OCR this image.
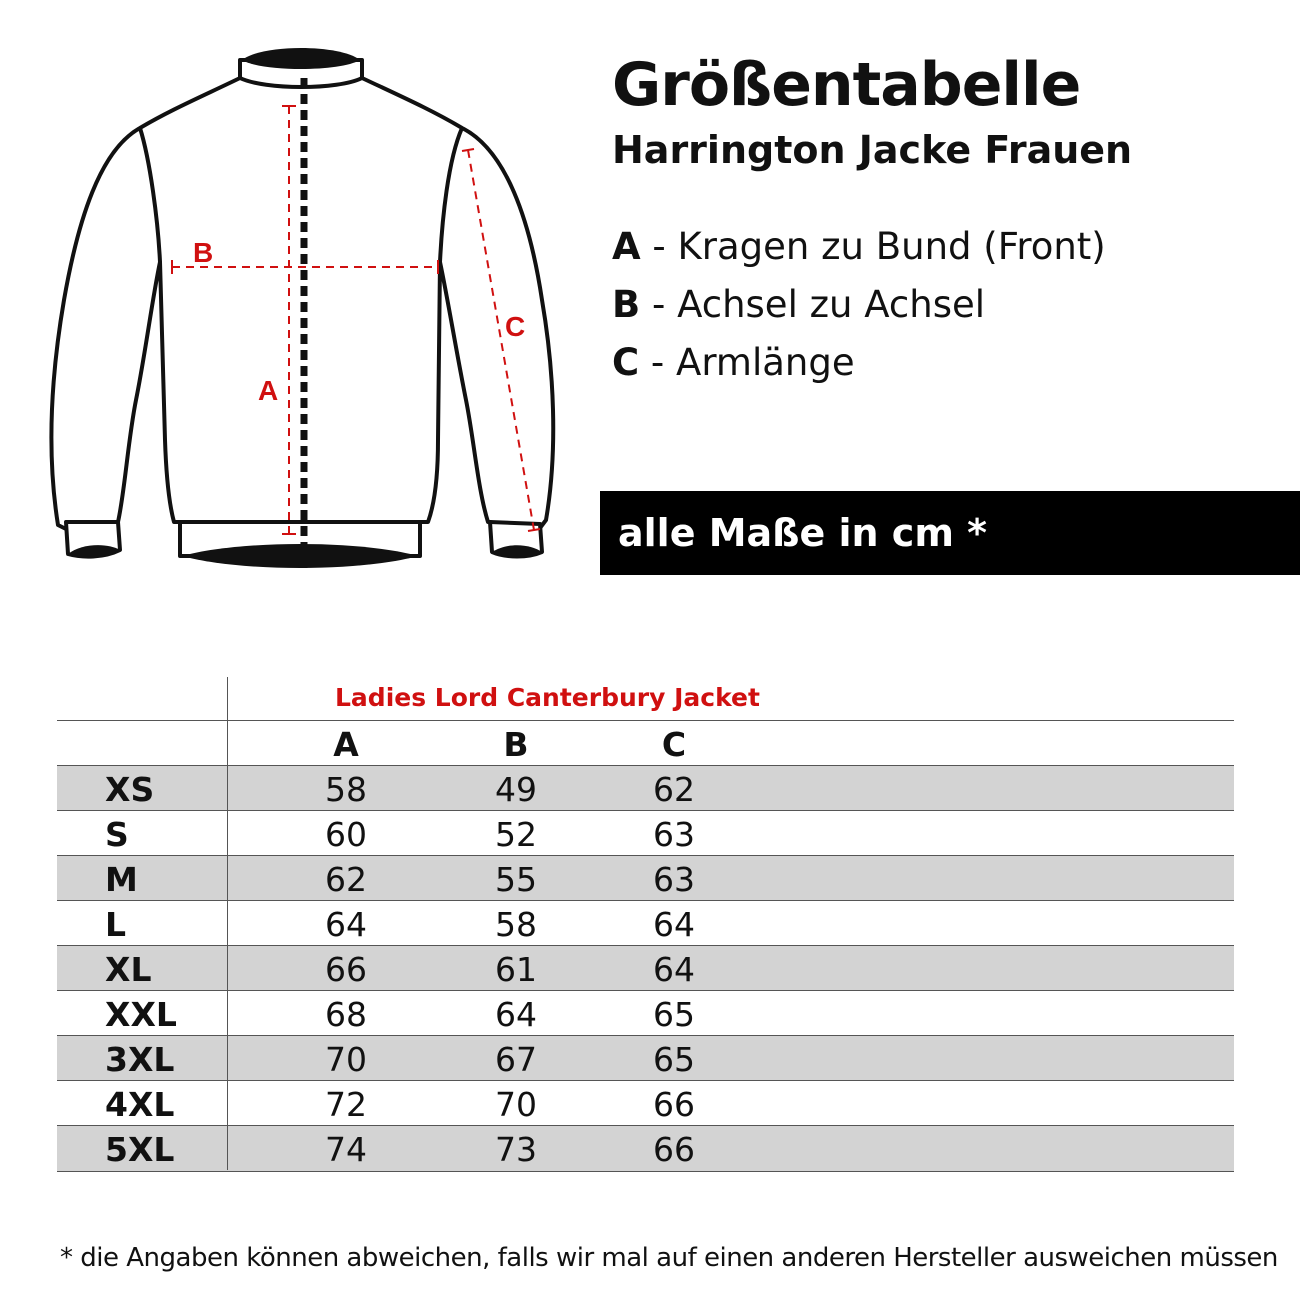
B
A
C
Größentabelle
Harrington Jacke Frauen
A - Kragen zu Bund (Front)
B - Achsel zu Achsel
C - Armlänge
alle Maße in cm *
Ladies Lord Canterbury Jacket
A	B	C
XS	58	49	62
S	60	52	63
M	62	55	63
L	64	58	64
XL	66	61	64
XXL	68	64	65
3XL	70	67	65
4XL	72	70	66
5XL	74	73	66

* die Angaben können abweichen, falls wir mal auf einen anderen Hersteller ausweichen müssen
